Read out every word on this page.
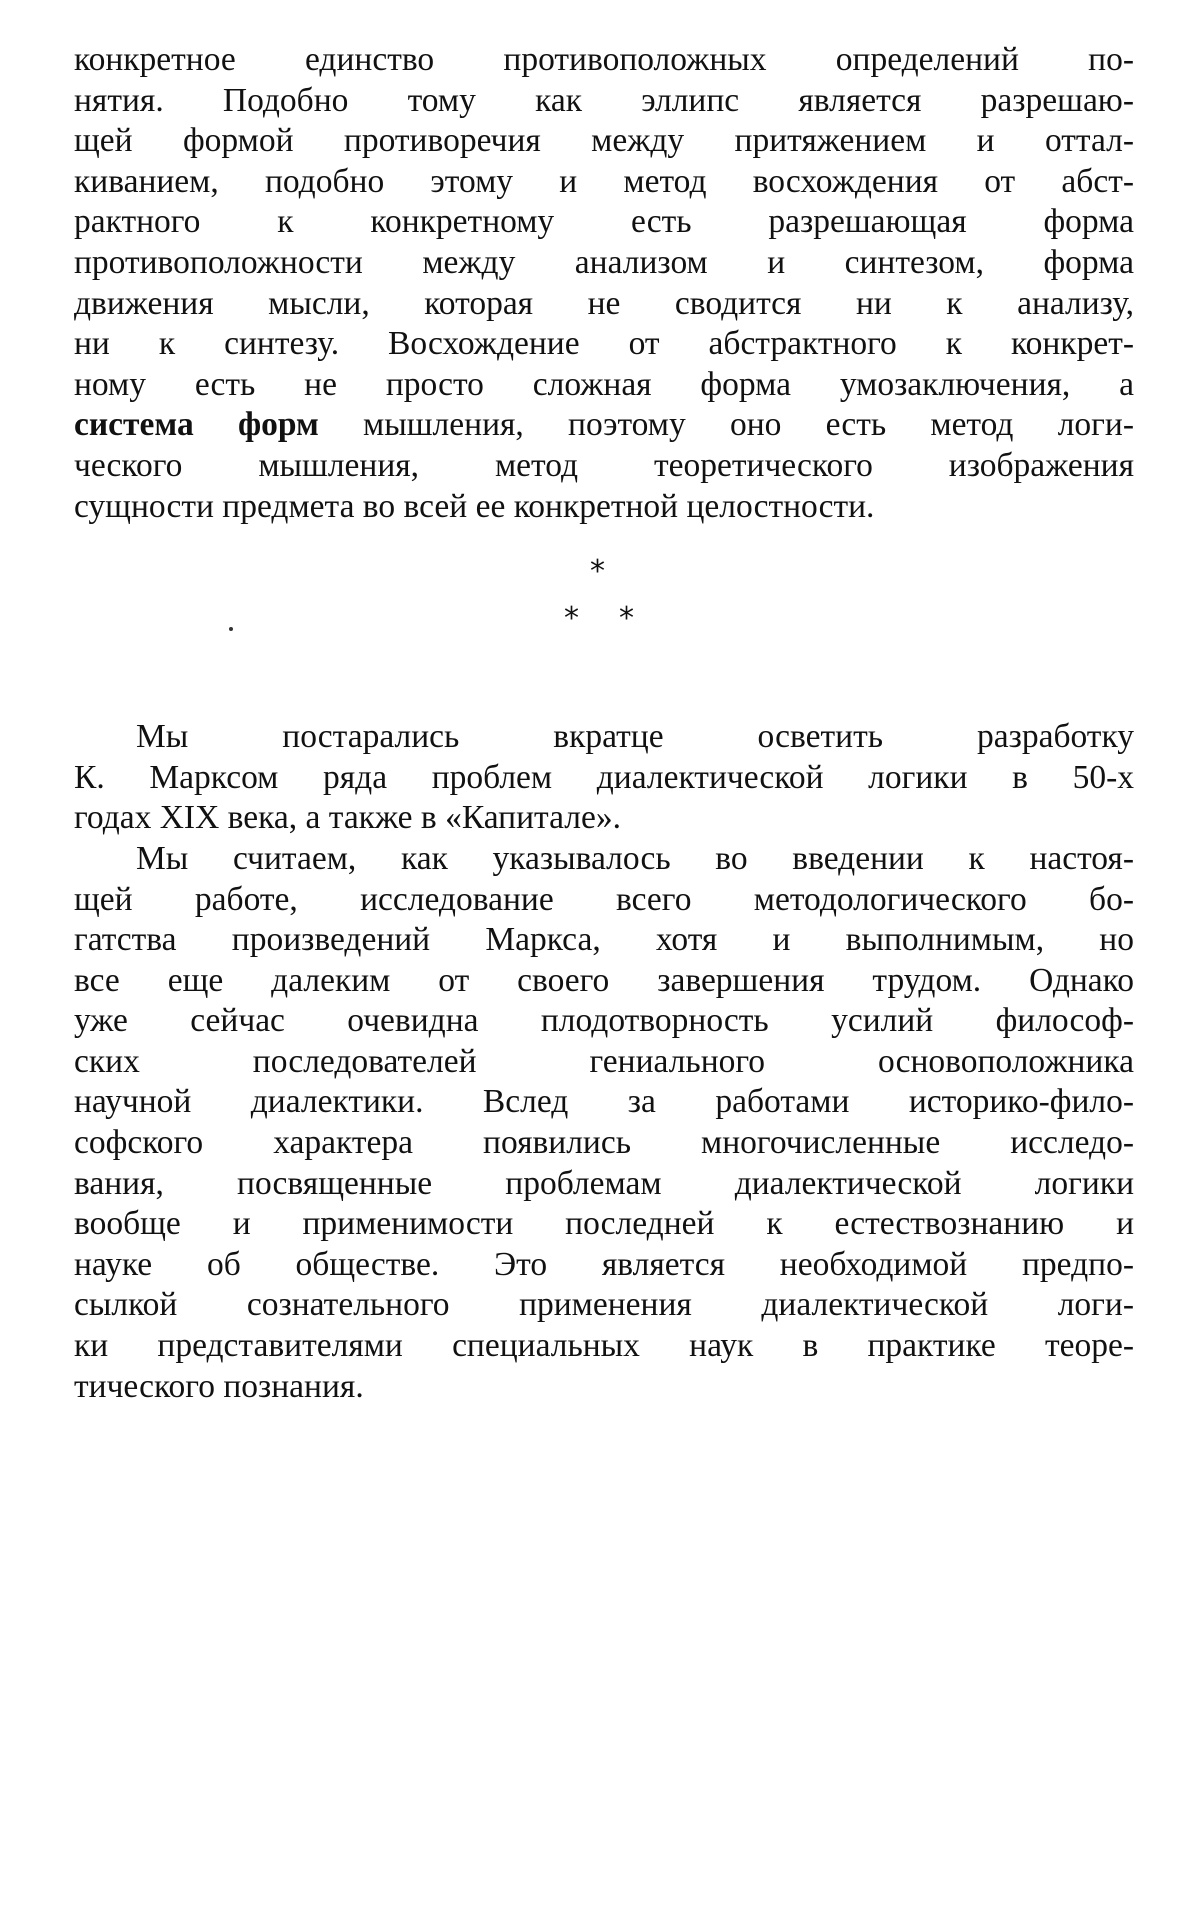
конкретное единство противоположных определений по-
нятия. Подобно тому как эллипс является разрешаю-
щей формой противоречия между притяжением и оттал-
киванием, подобно этому и метод восхождения от абст-
рактного к конкретному есть разрешающая форма
противоположности между анализом и синтезом, форма
движения мысли, которая не сводится ни к анализу,
ни к синтезу. Восхождение от абстрактного к конкрет-
ному есть не просто сложная форма умозаключения, а
система форм мышления, поэтому оно есть метод логи-
ческого мышления, метод теоретического изображения
сущности предмета во всей ее конкретной целостности.
*
* *
Мы постарались вкратце осветить разработку
К. Марксом ряда проблем диалектической логики в 50-х
годах XIX века, а также в «Капитале».
Мы считаем, как указывалось во введении к настоя-
щей работе, исследование всего методологического бо-
гатства произведений Маркса, хотя и выполнимым, но
все еще далеким от своего завершения трудом. Однако
уже сейчас очевидна плодотворность усилий философ-
ских последователей гениального основоположника
научной диалектики. Вслед за работами историко-фило-
софского характера появились многочисленные исследо-
вания, посвященные проблемам диалектической логики
вообще и применимости последней к естествознанию и
науке об обществе. Это является необходимой предпо-
сылкой сознательного применения диалектической логи-
ки представителями специальных наук в практике теоре-
тического познания.
